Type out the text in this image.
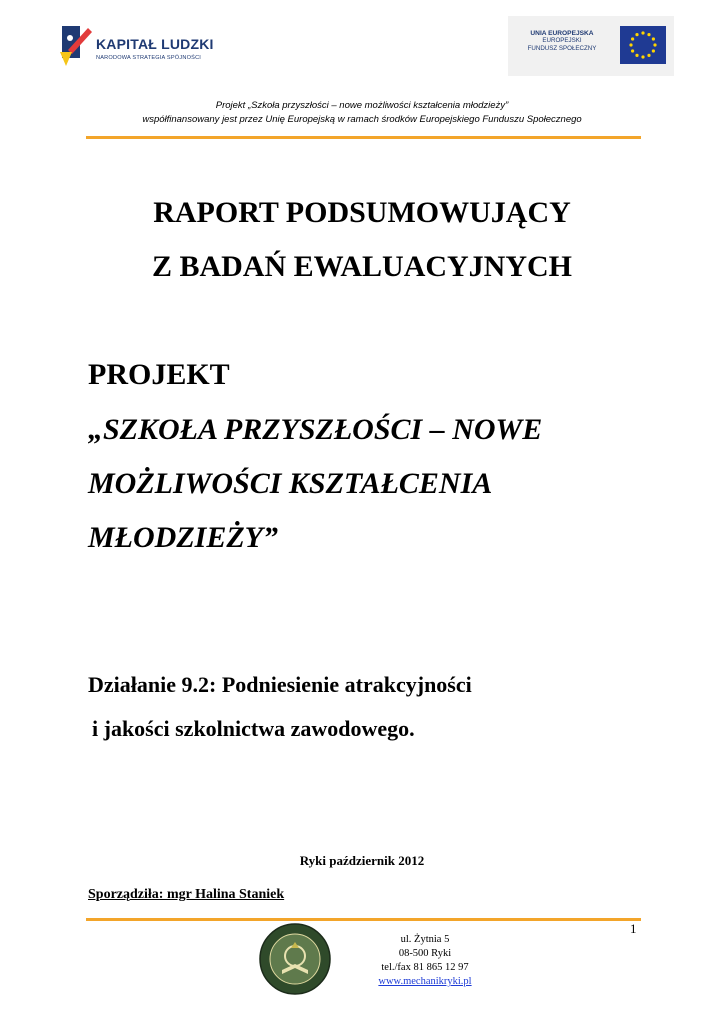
KAPITAŁ LUDZKI
NARODOWA STRATEGIA SPÓJNOŚCI
UNIA EUROPEJSKA
EUROPEJSKI
FUNDUSZ SPOŁECZNY
Projekt „Szkoła przyszłości – nowe możliwości kształcenia młodzieży”
współfinansowany jest przez Unię Europejską w ramach środków Europejskiego Funduszu Społecznego
RAPORT PODSUMOWUJĄCY
Z BADAŃ EWALUACYJNYCH
PROJEKT
„SZKOŁA PRZYSZŁOŚCI – NOWE
MOŻLIWOŚCI KSZTAŁCENIA
MŁODZIEŻY”
Działanie 9.2: Podniesienie atrakcyjności
i jakości szkolnictwa zawodowego.
Ryki październik 2012
Sporządziła: mgr Halina Staniek
1
ul. Żytnia 5
08-500 Ryki
tel./fax 81 865 12 97
www.mechanikryki.pl
